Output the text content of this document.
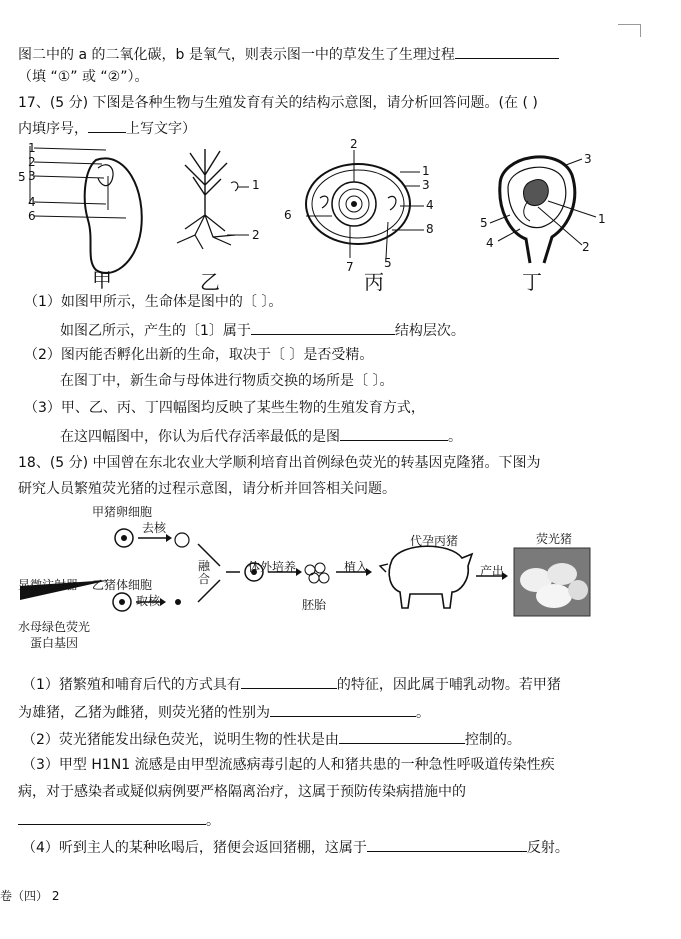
图二中的 a 的二氧化碳，b 是氧气，则表示图一中的草发生了生理过程
（填 “①” 或 “②”）。
17、(5 分) 下图是各种生物与生殖发育有关的结构示意图，请分析回答问题。(在 ( )
内填序号，	上写文字）
1
2
3
5
4
6
甲
1
2
乙
2
1
3
4
6
8
7	5
丙
3
1
5
4	2
丁
（1）如图甲所示，生命体是图中的〔 〕。
如图乙所示，产生的〔1〕属于	结构层次。
（2）图丙能否孵化出新的生命，取决于〔 〕是否受精。
在图丁中，新生命与母体进行物质交换的场所是〔 〕。
（3）甲、乙、丙、丁四幅图均反映了某些生物的生殖发育方式，
在这四幅图中，你认为后代存活率最低的是图	。
18、(5 分) 中国曾在东北农业大学顺利培育出首例绿色荧光的转基因克隆猪。下图为
研究人员繁殖荧光猪的过程示意图，请分析并回答相关问题。
甲猪卵细胞
去核
显微注射器 乙猪体细胞
取核
水母绿色荧光
蛋白基因
融合
体外培养
胚胎
植入
代孕丙猪
产出
荧光猪
（1）猪繁殖和哺育后代的方式具有	的特征，因此属于哺乳动物。若甲猪
为雄猪，乙猪为雌猪，则荧光猪的性别为	。
（2）荧光猪能发出绿色荧光，说明生物的性状是由	控制的。
（3）甲型 H1N1 流感是由甲型流感病毒引起的人和猪共患的一种急性呼吸道传染性疾
病，对于感染者或疑似病例要严格隔离治疗，这属于预防传染病措施中的
。
（4）听到主人的某种吆喝后，猪便会返回猪棚，这属于	反射。
卷（四） 2
